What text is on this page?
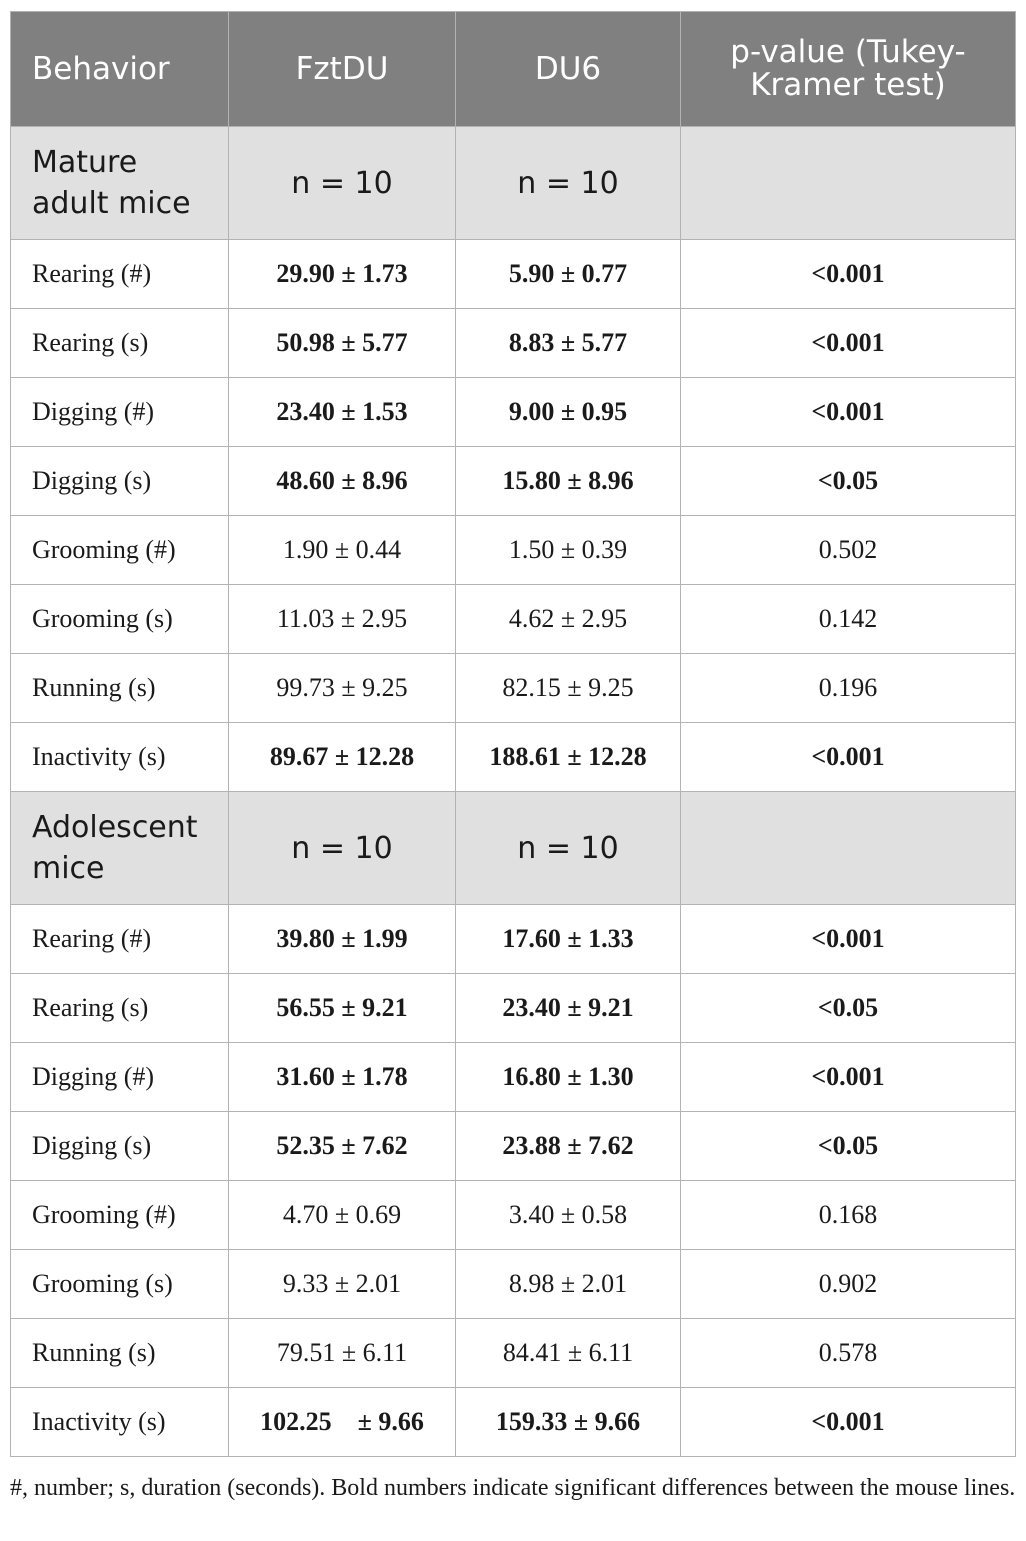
Behavior	FztDU	DU6	p-value (Tukey-
Kramer test)
Mature
adult mice	n = 10	n = 10	
Rearing (#)	29.90 ± 1.73	5.90 ± 0.77	<0.001
Rearing (s)	50.98 ± 5.77	8.83 ± 5.77	<0.001
Digging (#)	23.40 ± 1.53	9.00 ± 0.95	<0.001
Digging (s)	48.60 ± 8.96	15.80 ± 8.96	<0.05
Grooming (#)	1.90 ± 0.44	1.50 ± 0.39	0.502
Grooming (s)	11.03 ± 2.95	4.62 ± 2.95	0.142
Running (s)	99.73 ± 9.25	82.15 ± 9.25	0.196
Inactivity (s)	89.67 ± 12.28	188.61 ± 12.28	<0.001
Adolescent
mice	n = 10	n = 10	
Rearing (#)	39.80 ± 1.99	17.60 ± 1.33	<0.001
Rearing (s)	56.55 ± 9.21	23.40 ± 9.21	<0.05
Digging (#)	31.60 ± 1.78	16.80 ± 1.30	<0.001
Digging (s)	52.35 ± 7.62	23.88 ± 7.62	<0.05
Grooming (#)	4.70 ± 0.69	3.40 ± 0.58	0.168
Grooming (s)	9.33 ± 2.01	8.98 ± 2.01	0.902
Running (s)	79.51 ± 6.11	84.41 ± 6.11	0.578
Inactivity (s)	102.25    ± 9.66	159.33 ± 9.66	<0.001
#, number; s, duration (seconds). Bold numbers indicate significant differences between the mouse lines.
